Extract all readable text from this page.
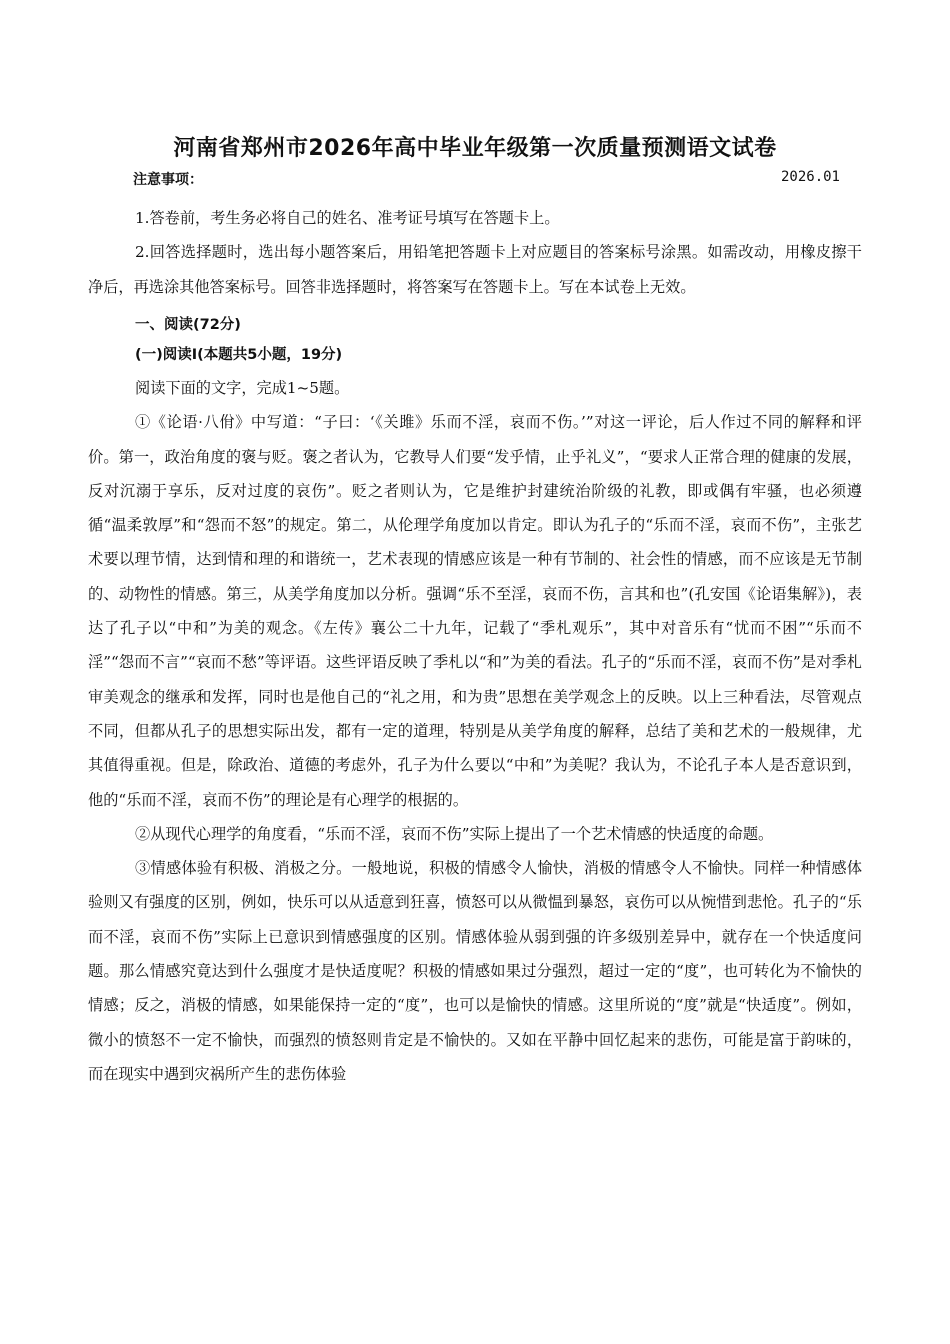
河南省郑州市2026年高中毕业年级第一次质量预测语文试卷
注意事项：	2026.01

1.答卷前，考生务必将自己的姓名、准考证号填写在答题卡上。

2.回答选择题时，选出每小题答案后，用铅笔把答题卡上对应题目的答案标号涂黑。如需改动，用橡皮擦干净后，再选涂其他答案标号。回答非选择题时，将答案写在答题卡上。写在本试卷上无效。

一、阅读(72分)
(一)阅读Ⅰ(本题共5小题，19分)

阅读下面的文字，完成1~5题。

①《论语·八佾》中写道：“子曰：‘《关雎》乐而不淫，哀而不伤。’”对这一评论，后人作过不同的解释和评价。第一，政治角度的褒与贬。褒之者认为，它教导人们要“发乎情，止乎礼义”，“要求人正常合理的健康的发展，反对沉溺于享乐，反对过度的哀伤”。贬之者则认为，它是维护封建统治阶级的礼教，即或偶有牢骚，也必须遵循“温柔敦厚”和“怨而不怒”的规定。第二，从伦理学角度加以肯定。即认为孔子的“乐而不淫，哀而不伤”，主张艺术要以理节情，达到情和理的和谐统一，艺术表现的情感应该是一种有节制的、社会性的情感，而不应该是无节制的、动物性的情感。第三，从美学角度加以分析。强调“乐不至淫，哀而不伤，言其和也”(孔安国《论语集解》)，表达了孔子以“中和”为美的观念。《左传》襄公二十九年，记载了“季札观乐”，其中对音乐有“忧而不困”“乐而不淫”“怨而不言”“哀而不愁”等评语。这些评语反映了季札以“和”为美的看法。孔子的“乐而不淫，哀而不伤”是对季札审美观念的继承和发挥，同时也是他自己的“礼之用，和为贵”思想在美学观念上的反映。以上三种看法，尽管观点不同，但都从孔子的思想实际出发，都有一定的道理，特别是从美学角度的解释，总结了美和艺术的一般规律，尤其值得重视。但是，除政治、道德的考虑外，孔子为什么要以“中和”为美呢？我认为，不论孔子本人是否意识到，他的“乐而不淫，哀而不伤”的理论是有心理学的根据的。

②从现代心理学的角度看，“乐而不淫，哀而不伤”实际上提出了一个艺术情感的快适度的命题。

③情感体验有积极、消极之分。一般地说，积极的情感令人愉快，消极的情感令人不愉快。同样一种情感体验则又有强度的区别，例如，快乐可以从适意到狂喜，愤怒可以从微愠到暴怒，哀伤可以从惋惜到悲怆。孔子的“乐而不淫，哀而不伤”实际上已意识到情感强度的区别。情感体验从弱到强的许多级别差异中，就存在一个快适度问题。那么情感究竟达到什么强度才是快适度呢？积极的情感如果过分强烈，超过一定的“度”，也可转化为不愉快的情感；反之，消极的情感，如果能保持一定的“度”，也可以是愉快的情感。这里所说的“度”就是“快适度”。例如，微小的愤怒不一定不愉快，而强烈的愤怒则肯定是不愉快的。又如在平静中回忆起来的悲伤，可能是富于韵味的，而在现实中遇到灾祸所产生的悲伤体验
